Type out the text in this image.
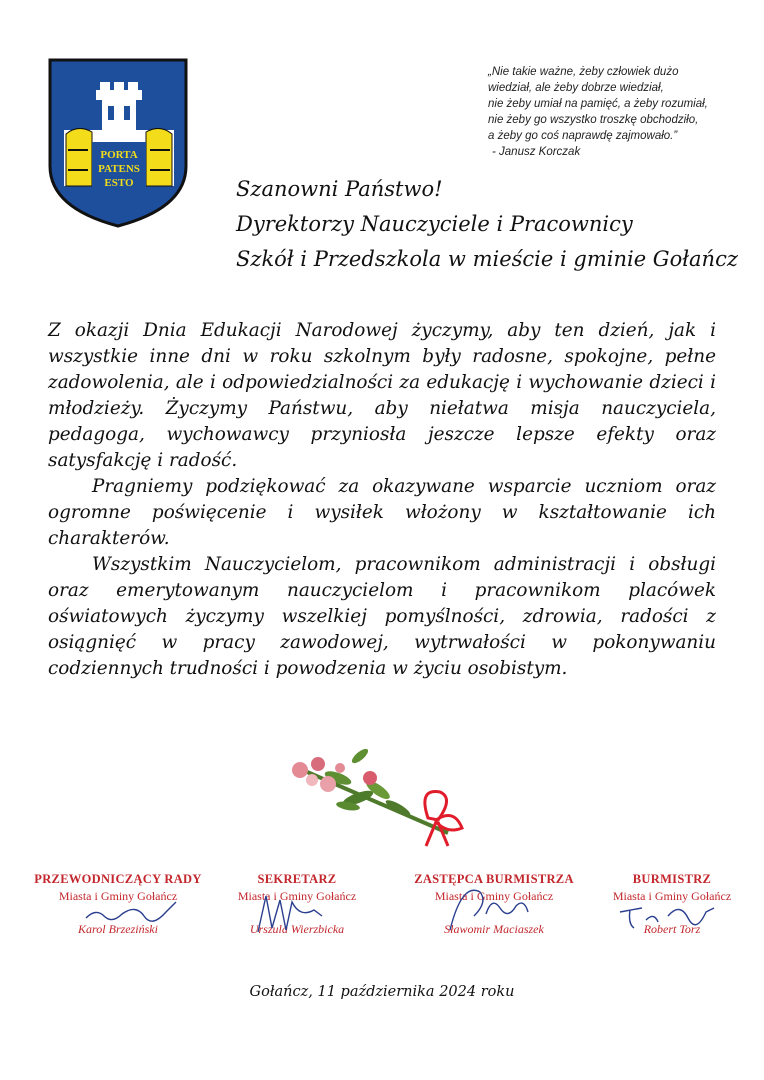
PORTA
PATENS
ESTO
„Nie takie ważne, żeby człowiek dużo
wiedział, ale żeby dobrze wiedział,
nie żeby umiał na pamięć, a żeby rozumiał,
nie żeby go wszystko troszkę obchodziło,
a żeby go coś naprawdę zajmowało.”
- Janusz Korczak
Szanowni Państwo!
Dyrektorzy Nauczyciele i Pracownicy
Szkół i Przedszkola w mieście i gminie Gołańcz

Z okazji Dnia Edukacji Narodowej życzymy, aby ten dzień, jak i wszystkie inne dni w roku szkolnym były radosne, spokojne, pełne zadowolenia, ale i odpowiedzialności za edukację i wychowanie dzieci i młodzieży. Życzymy Państwu, aby niełatwa misja nauczyciela, pedagoga, wychowawcy przyniosła jeszcze lepsze efekty oraz satysfakcję i radość.

Pragniemy podziękować za okazywane wsparcie uczniom oraz ogromne poświęcenie i wysiłek włożony w kształtowanie ich charakterów.

Wszystkim Nauczycielom, pracownikom administracji i obsługi oraz emerytowanym nauczycielom i pracownikom placówek oświatowych życzymy wszelkiej pomyślności, zdrowia, radości z osiągnięć w pracy zawodowej, wytrwałości w pokonywaniu codziennych trudności i powodzenia w życiu osobistym.

PRZEWODNICZĄCY RADY
Miasta i Gminy Gołańcz
Karol Brzeziński
SEKRETARZ
Miasta i Gminy Gołańcz
Urszula Wierzbicka
ZASTĘPCA BURMISTRZA
Miasta i Gminy Gołańcz
Sławomir Maciaszek
BURMISTRZ
Miasta i Gminy Gołańcz
Robert Torz
Gołańcz, 11 października 2024 roku
